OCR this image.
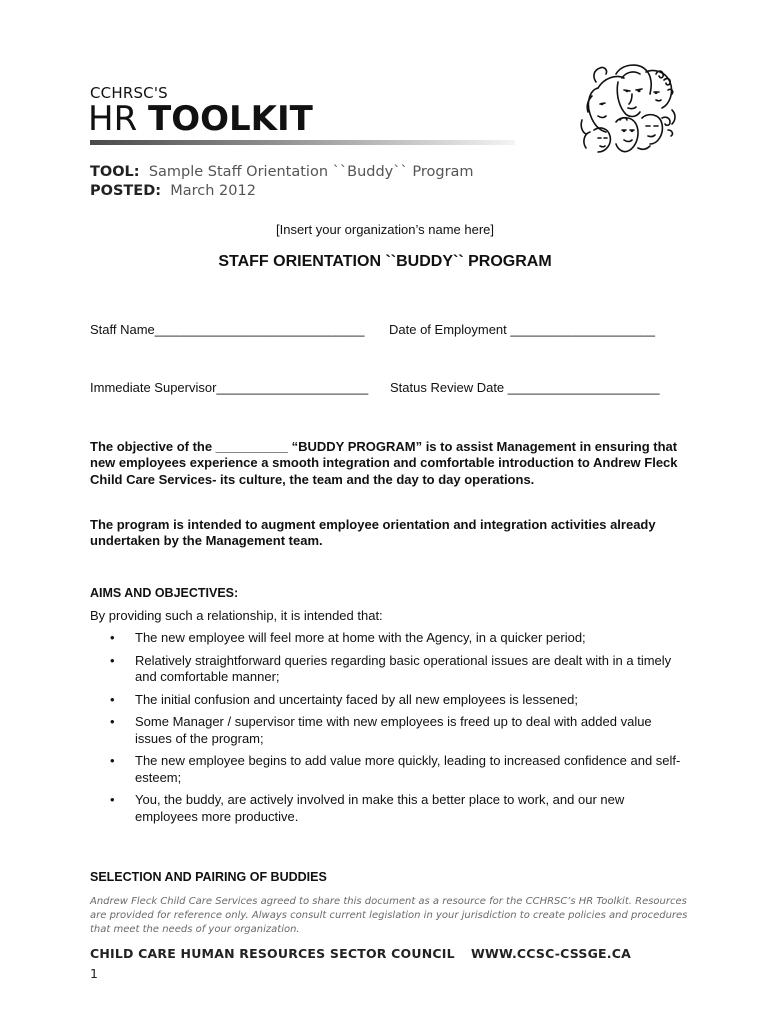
CCHRSC'S
HR TOOLKIT
TOOL: Sample Staff Orientation ``Buddy`` Program
POSTED: March 2012
[Insert your organization’s name here]
STAFF ORIENTATION ``BUDDY`` PROGRAM
Staff Name_____________________________ Date of Employment ____________________
Immediate Supervisor_____________________ Status Review Date _____________________
The objective of the __________ “BUDDY PROGRAM” is to assist Management in ensuring that new employees experience a smooth integration and comfortable introduction to Andrew Fleck Child Care Services- its culture, the team and the day to day operations.
The program is intended to augment employee orientation and integration activities already undertaken by the Management team.
AIMS AND OBJECTIVES:
By providing such a relationship, it is intended that:
• The new employee will feel more at home with the Agency, in a quicker period;
• Relatively straightforward queries regarding basic operational issues are dealt with in a timely and comfortable manner;
• The initial confusion and uncertainty faced by all new employees is lessened;
• Some Manager / supervisor time with new employees is freed up to deal with added value issues of the program;
• The new employee begins to add value more quickly, leading to increased confidence and self-esteem;
• You, the buddy, are actively involved in make this a better place to work, and our new employees more productive.
SELECTION AND PAIRING OF BUDDIES
Andrew Fleck Child Care Services agreed to share this document as a resource for the CCHRSC’s HR Toolkit. Resources are provided for reference only. Always consult current legislation in your jurisdiction to create policies and procedures that meet the needs of your organization.
CHILD CARE HUMAN RESOURCES SECTOR COUNCIL WWW.CCSC-CSSGE.CA
1
